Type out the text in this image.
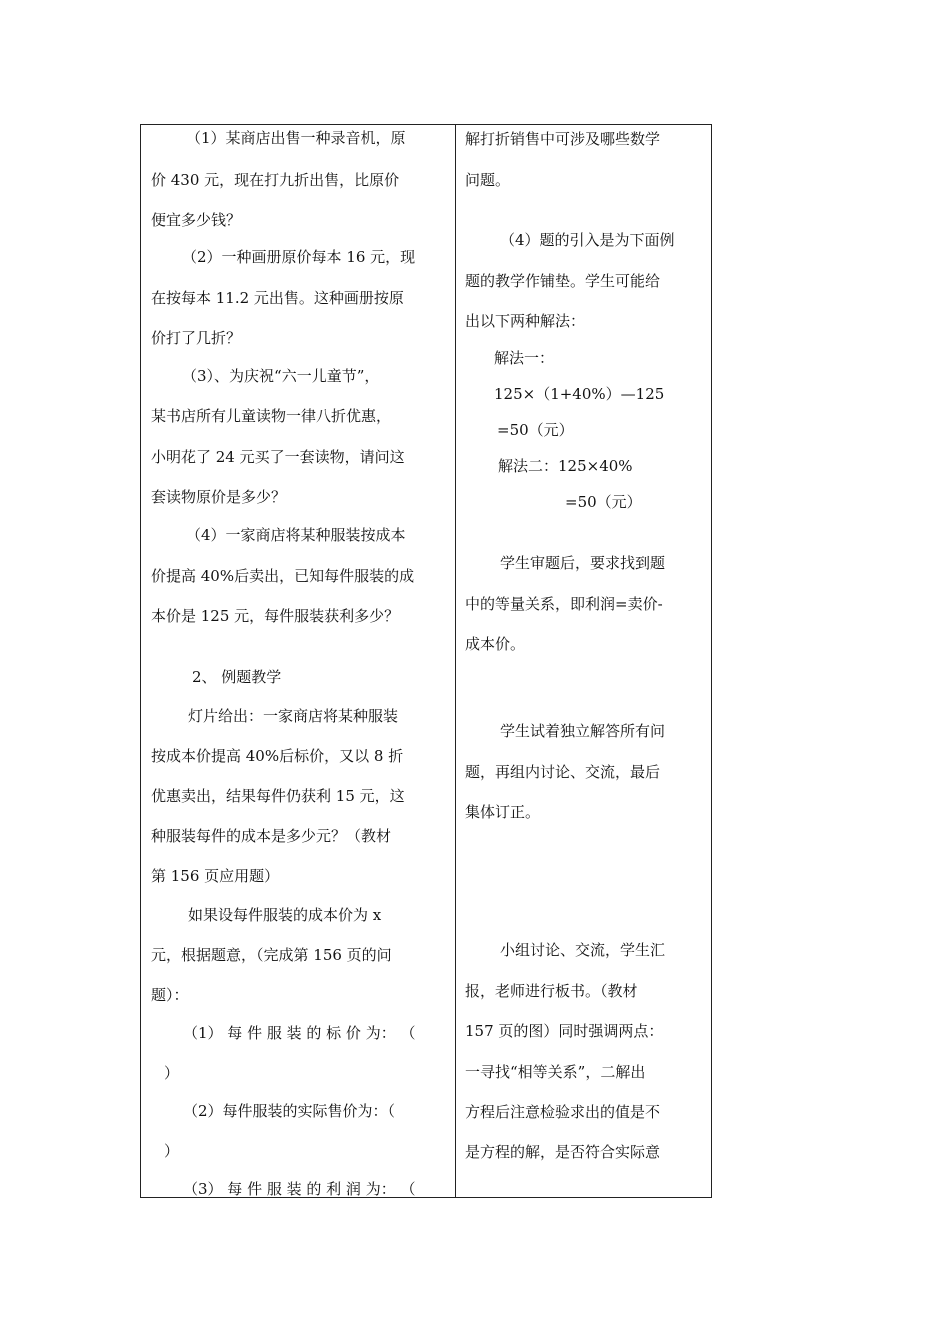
（1）某商店出售一种录音机，原
价 430 元，现在打九折出售，比原价
便宜多少钱？
（2）一种画册原价每本 16 元，现
在按每本 11.2 元出售。这种画册按原
价打了几折？
（3）、为庆祝“六一儿童节”，
某书店所有儿童读物一律八折优惠，
小明花了 24 元买了一套读物，请问这
套读物原价是多少？
（4）一家商店将某种服装按成本
价提高 40%后卖出，已知每件服装的成
本价是 125 元，每件服装获利多少？
2、 例题教学
灯片给出：一家商店将某种服装
按成本价提高 40%后标价，又以 8 折
优惠卖出，结果每件仍获利 15 元，这
种服装每件的成本是多少元？（教材
第 156 页应用题）
如果设每件服装的成本价为 x
元，根据题意，（完成第 156 页的问
题）：
（1） 每 件 服 装 的 标 价 为： （
）
（2）每件服装的实际售价为：（
）
（3） 每 件 服 装 的 利 润 为： （
解打折销售中可涉及哪些数学
问题。
（4）题的引入是为下面例
题的教学作铺垫。学生可能给
出以下两种解法：
解法一：
125×（1+40%）—125
=50（元）
解法二：125×40%
=50（元）
学生审题后，要求找到题
中的等量关系，即利润=卖价-
成本价。
学生试着独立解答所有问
题，再组内讨论、交流，最后
集体订正。
小组讨论、交流，学生汇
报，老师进行板书。（教材
157 页的图）同时强调两点：
一寻找“相等关系”，二解出
方程后注意检验求出的值是不
是方程的解，是否符合实际意
